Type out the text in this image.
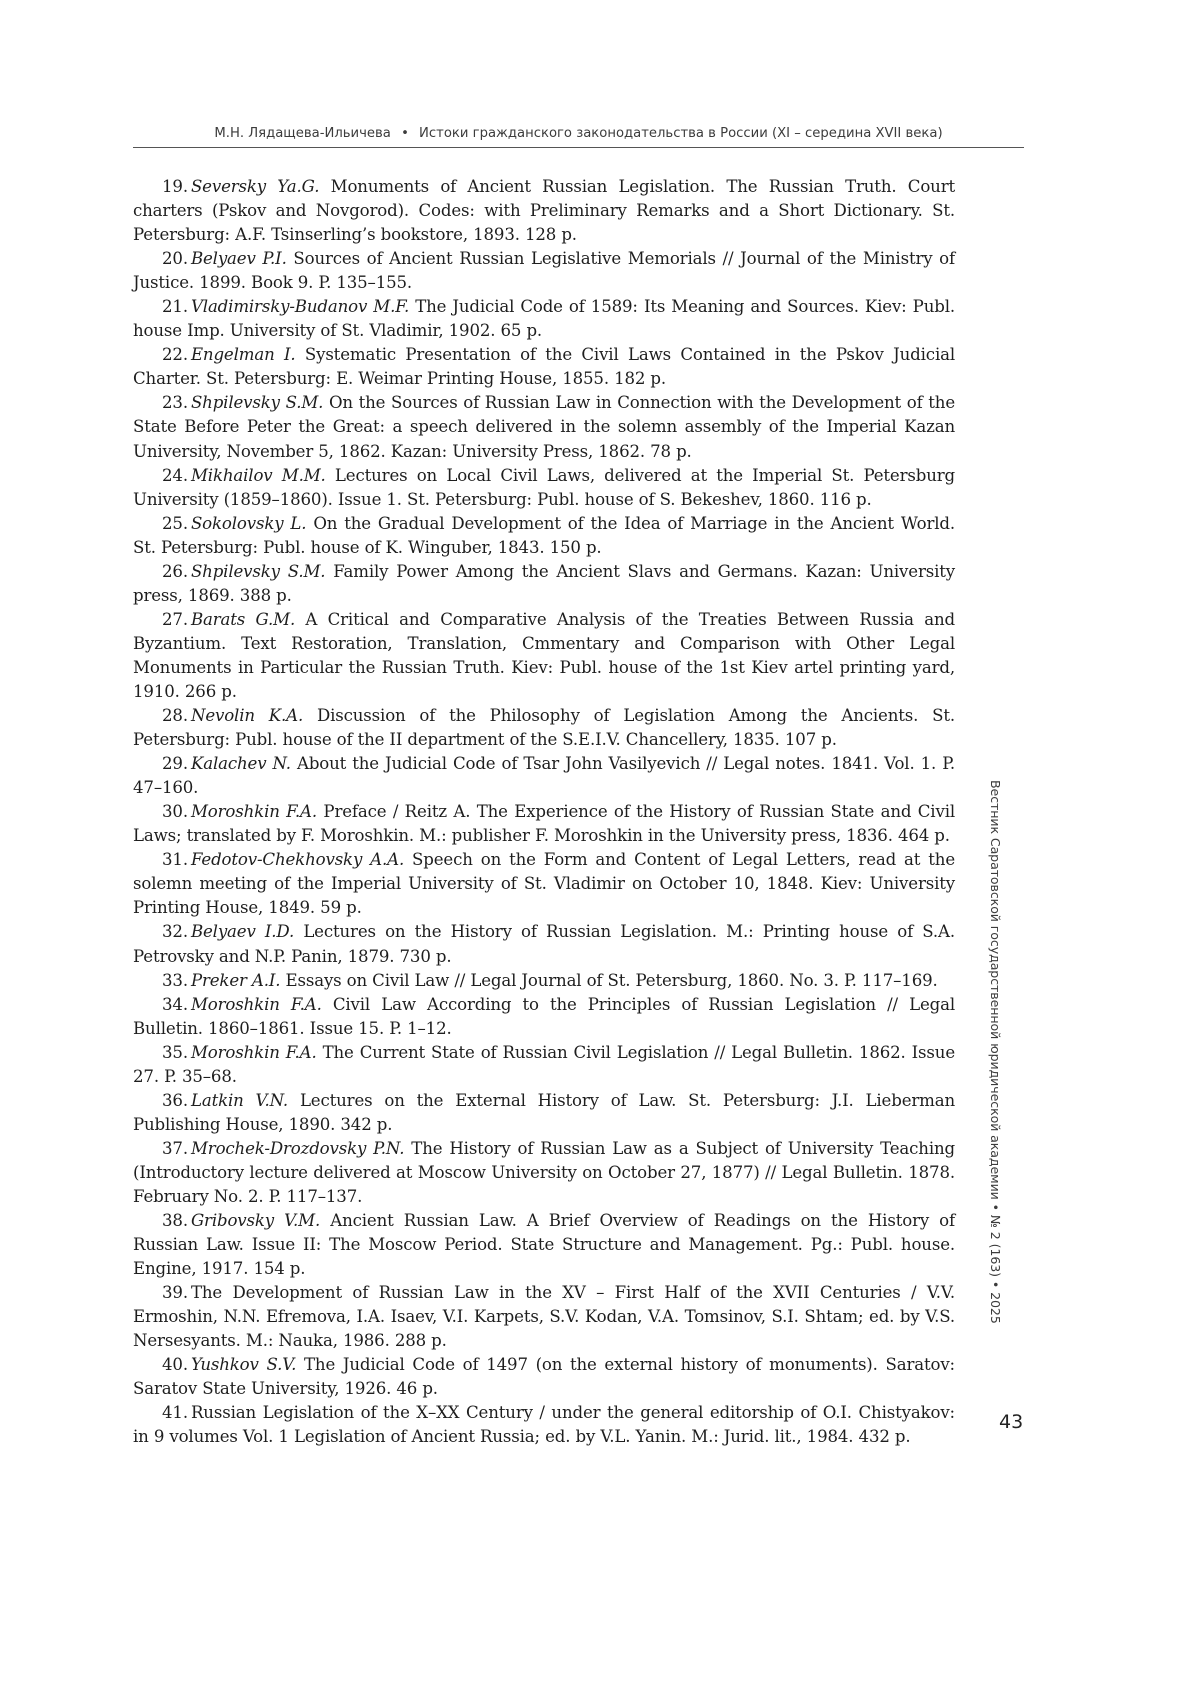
М.Н. Лядащева-Ильичева • Истоки гражданского законодательства в России (XI – середина XVII века)
19. Seversky Ya.G. Monuments of Ancient Russian Legislation. The Russian Truth. Court charters (Pskov and Novgorod). Codes: with Preliminary Remarks and a Short Dictionary. St. Petersburg: A.F. Tsinserling’s bookstore, 1893. 128 p.
20. Belyaev P.I. Sources of Ancient Russian Legislative Memorials // Journal of the Ministry of Justice. 1899. Book 9. P. 135–155.
21. Vladimirsky-Budanov M.F. The Judicial Code of 1589: Its Meaning and Sources. Kiev: Publ. house Imp. University of St. Vladimir, 1902. 65 p.
22. Engelman I. Systematic Presentation of the Civil Laws Contained in the Pskov Judicial Charter. St. Petersburg: E. Weimar Printing House, 1855. 182 p.
23. Shpilevsky S.M. On the Sources of Russian Law in Connection with the Development of the State Before Peter the Great: a speech delivered in the solemn assembly of the Imperial Kazan University, November 5, 1862. Kazan: University Press, 1862. 78 p.
24. Mikhailov M.M. Lectures on Local Civil Laws, delivered at the Imperial St. Petersburg University (1859–1860). Issue 1. St. Petersburg: Publ. house of S. Bekeshev, 1860. 116 p.
25. Sokolovsky L. On the Gradual Development of the Idea of Marriage in the Ancient World. St. Petersburg: Publ. house of K. Winguber, 1843. 150 p.
26. Shpilevsky S.M. Family Power Among the Ancient Slavs and Germans. Kazan: University press, 1869. 388 p.
27. Barats G.M. A Critical and Comparative Analysis of the Treaties Between Russia and Byzantium. Text Restoration, Translation, Cmmentary and Comparison with Other Legal Monuments in Particular the Russian Truth. Kiev: Publ. house of the 1st Kiev artel printing yard, 1910. 266 p.
28. Nevolin K.A. Discussion of the Philosophy of Legislation Among the Ancients. St. Petersburg: Publ. house of the II department of the S.E.I.V. Chancellery, 1835. 107 p.
29. Kalachev N. About the Judicial Code of Tsar John Vasilyevich // Legal notes. 1841. Vol. 1. P. 47–160.
30. Moroshkin F.A. Preface / Reitz A. The Experience of the History of Russian State and Civil Laws; translated by F. Moroshkin. M.: publisher F. Moroshkin in the University press, 1836. 464 p.
31. Fedotov-Chekhovsky A.A. Speech on the Form and Content of Legal Letters, read at the solemn meeting of the Imperial University of St. Vladimir on October 10, 1848. Kiev: University Printing House, 1849. 59 p.
32. Belyaev I.D. Lectures on the History of Russian Legislation. M.: Printing house of S.A. Petrovsky and N.P. Panin, 1879. 730 p.
33. Preker A.I. Essays on Civil Law // Legal Journal of St. Petersburg, 1860. No. 3. P. 117–169.
34. Moroshkin F.A. Civil Law According to the Principles of Russian Legislation // Legal Bulletin. 1860–1861. Issue 15. P. 1–12.
35. Moroshkin F.A. The Current State of Russian Civil Legislation // Legal Bulletin. 1862. Issue 27. P. 35–68.
36. Latkin V.N. Lectures on the External History of Law. St. Petersburg: J.I. Lieberman Publishing House, 1890. 342 p.
37. Mrochek-Drozdovsky P.N. The History of Russian Law as a Subject of University Teaching (Introductory lecture delivered at Moscow University on October 27, 1877) // Legal Bulletin. 1878. February No. 2. P. 117–137.
38. Gribovsky V.M. Ancient Russian Law. A Brief Overview of Readings on the History of Russian Law. Issue II: The Moscow Period. State Structure and Management. Pg.: Publ. house. Engine, 1917. 154 p.
39. The Development of Russian Law in the XV – First Half of the XVII Centuries / V.V. Ermoshin, N.N. Efremova, I.A. Isaev, V.I. Karpets, S.V. Kodan, V.A. Tomsinov, S.I. Shtam; ed. by V.S. Nersesyants. M.: Nauka, 1986. 288 p.
40. Yushkov S.V. The Judicial Code of 1497 (on the external history of monuments). Saratov: Saratov State University, 1926. 46 p.
41. Russian Legislation of the X–XX Century / under the general editorship of O.I. Chistyakov: in 9 volumes Vol. 1 Legislation of Ancient Russia; ed. by V.L. Yanin. M.: Jurid. lit., 1984. 432 p.
Вестник Саратовской государственной юридической академии • № 2 (163) • 2025
43
